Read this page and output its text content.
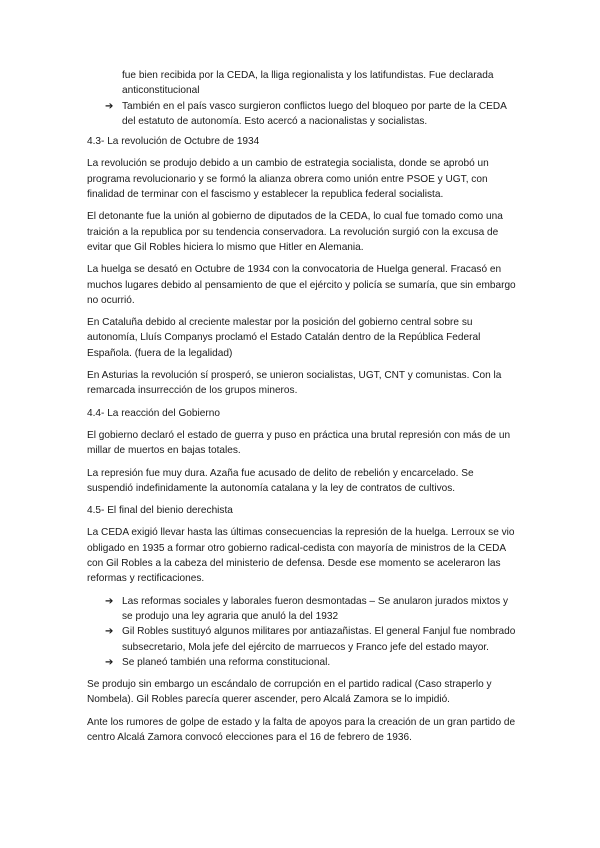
fue bien recibida por la CEDA, la lliga regionalista y los latifundistas. Fue declarada anticonstitucional
➔ También en el país vasco surgieron conflictos luego del bloqueo por parte de la CEDA del estatuto de autonomía. Esto acercó a nacionalistas y socialistas.
4.3- La revolución de Octubre de 1934

La revolución se produjo debido a un cambio de estrategia socialista, donde se aprobó un programa revolucionario y se formó la alianza obrera como unión entre PSOE y UGT, con finalidad de terminar con el fascismo y establecer la republica federal socialista.

El detonante fue la unión al gobierno de diputados de la CEDA, lo cual fue tomado como una traición a la republica por su tendencia conservadora. La revolución surgió con la excusa de evitar que Gil Robles hiciera lo mismo que Hitler en Alemania.

La huelga se desató en Octubre de 1934 con la convocatoria de Huelga general. Fracasó en muchos lugares debido al pensamiento de que el ejército y policía se sumaría, que sin embargo no ocurrió.

En Cataluña debido al creciente malestar por la posición del gobierno central sobre su autonomía, Lluís Companys proclamó el Estado Catalán dentro de la República Federal Española. (fuera de la legalidad)

En Asturias la revolución sí prosperó, se unieron socialistas, UGT, CNT y comunistas. Con la remarcada insurrección de los grupos mineros.

4.4- La reacción del Gobierno

El gobierno declaró el estado de guerra y puso en práctica una brutal represión con más de un millar de muertos en bajas totales.

La represión fue muy dura. Azaña fue acusado de delito de rebelión y encarcelado. Se suspendió indefinidamente la autonomía catalana y la ley de contratos de cultivos.

4.5- El final del bienio derechista

La CEDA exigió llevar hasta las últimas consecuencias la represión de la huelga. Lerroux se vio obligado en 1935 a formar otro gobierno radical-cedista con mayoría de ministros de la CEDA con Gil Robles a la cabeza del ministerio de defensa. Desde ese momento se aceleraron las reformas y rectificaciones.

➔ Las reformas sociales y laborales fueron desmontadas – Se anularon jurados mixtos y se produjo una ley agraria que anuló la del 1932
➔ Gil Robles sustituyó algunos militares por antiazañistas. El general Fanjul fue nombrado subsecretario, Mola jefe del ejército de marruecos y Franco jefe del estado mayor.
➔ Se planeó también una reforma constitucional.

Se produjo sin embargo un escándalo de corrupción en el partido radical (Caso straperlo y Nombela). Gil Robles parecía querer ascender, pero Alcalá Zamora se lo impidió.

Ante los rumores de golpe de estado y la falta de apoyos para la creación de un gran partido de centro Alcalá Zamora convocó elecciones para el 16 de febrero de 1936.
